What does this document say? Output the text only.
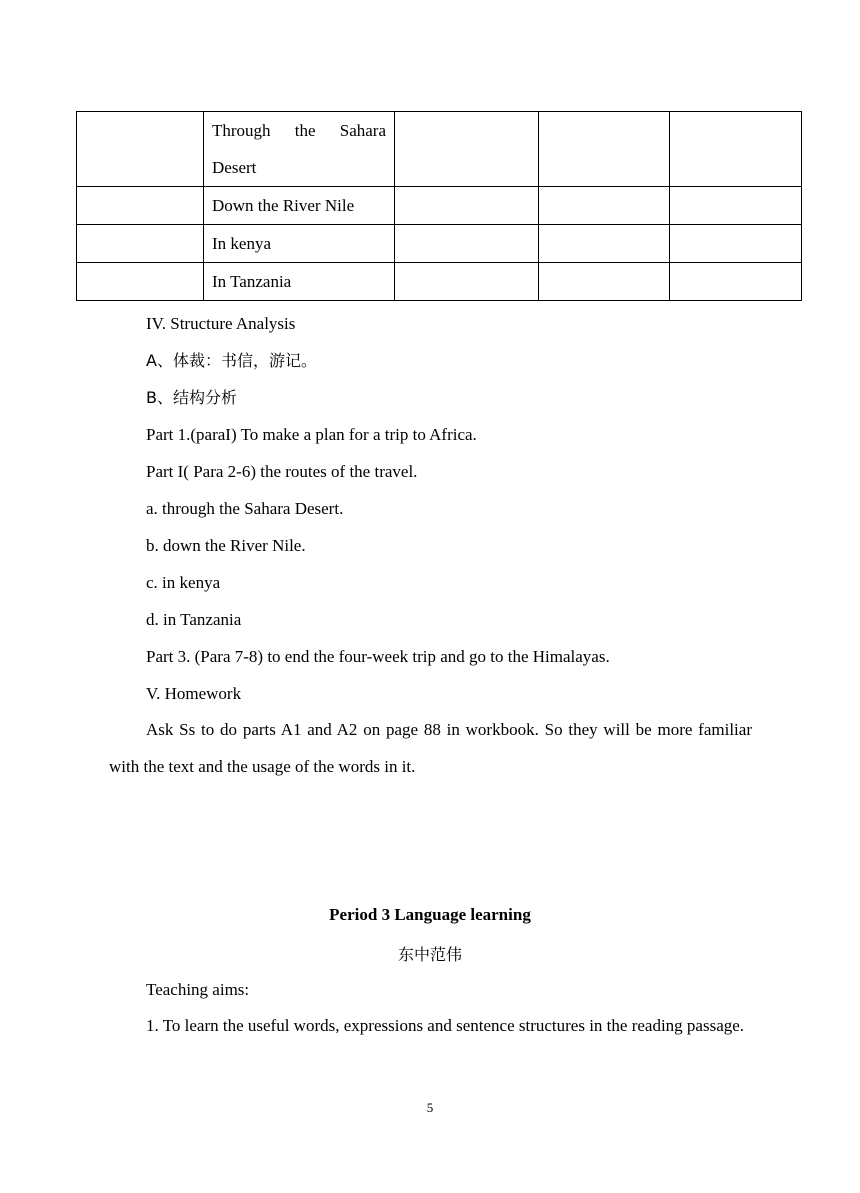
	Through the Sahara
Desert			

	Down the River Nile			
	In kenya			
	In Tanzania			
IV. Structure Analysis
A、体裁：书信，游记。
B、结构分析
Part 1.(paraI) To make a plan for a trip to Africa.
Part I( Para 2-6) the routes of the travel.
a. through the Sahara Desert.
b. down the River Nile.
c. in kenya
d. in Tanzania
Part 3. (Para 7-8) to end the four-week trip and go to the Himalayas.
V. Homework
Ask Ss to do parts A1 and A2 on page 88 in workbook. So they will be more familiar with the text and the usage of the words in it.
Period 3 Language learning
东中范伟
Teaching aims:
1. To learn the useful words, expressions and sentence structures in the reading passage.
5
